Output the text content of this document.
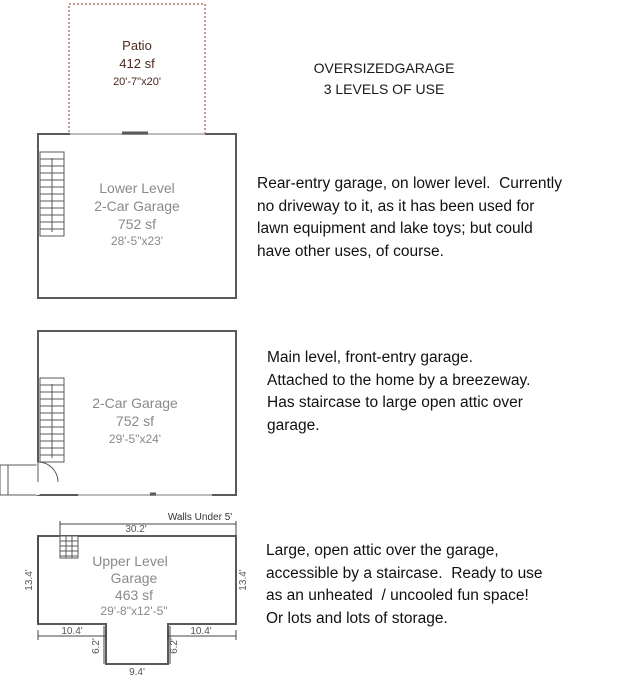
Patio
412 sf
20'-7"x20'
Lower Level
2-Car Garage
752 sf
28'-5"x23'
2-Car Garage
752 sf
29'-5"x24'
Walls Under 5'
30.2'
13.4'	13.4'
10.4'	10.4'
6.2'	6.2'
9.4'
Upper Level
Garage
463 sf
29'-8"x12'-5"
OVERSIZEDGARAGE
3 LEVELS OF USE
Rear-entry garage, on lower level.  Currently
no driveway to it, as it has been used for
lawn equipment and lake toys; but could
have other uses, of course.
Main level, front-entry garage.
Attached to the home by a breezeway.
Has staircase to large open attic over
garage.
Large, open attic over the garage,
accessible by a staircase.  Ready to use
as an unheated  / uncooled fun space!
Or lots and lots of storage.
